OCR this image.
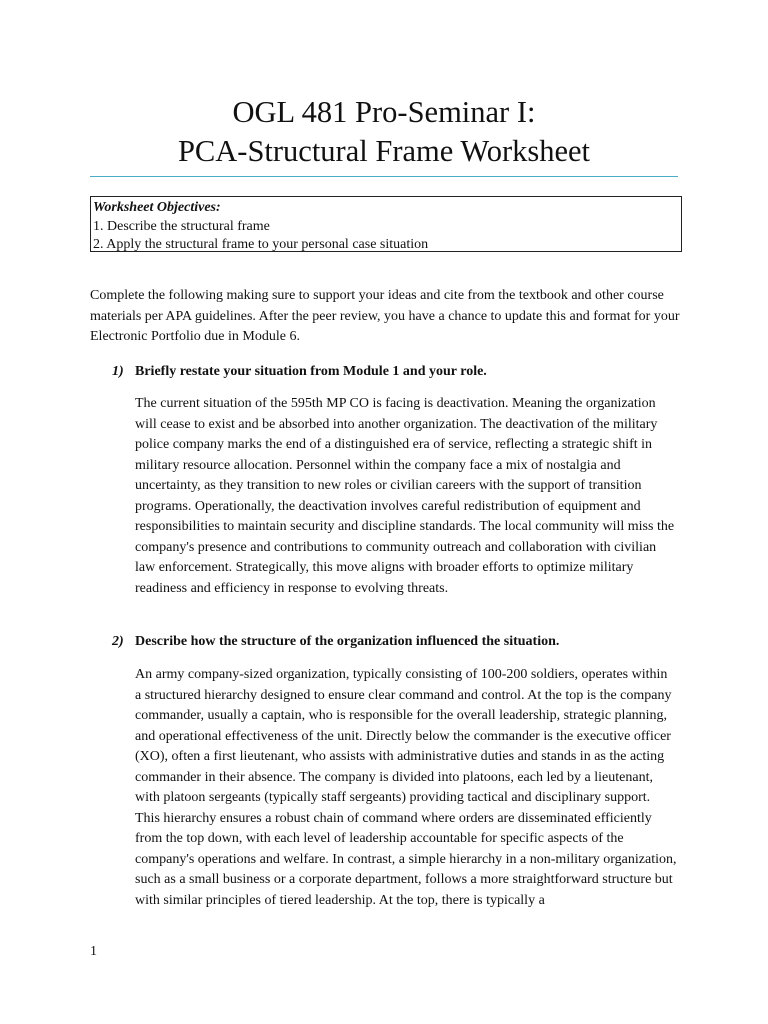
OGL 481 Pro-Seminar I:
PCA-Structural Frame Worksheet
Worksheet Objectives:
1. Describe the structural frame
2. Apply the structural frame to your personal case situation
Complete the following making sure to support your ideas and cite from the textbook and other course materials per APA guidelines. After the peer review, you have a chance to update this and format for your Electronic Portfolio due in Module 6.
1) Briefly restate your situation from Module 1 and your role.

The current situation of the 595th MP CO is facing is deactivation. Meaning the organization will cease to exist and be absorbed into another organization. The deactivation of the military police company marks the end of a distinguished era of service, reflecting a strategic shift in military resource allocation. Personnel within the company face a mix of nostalgia and uncertainty, as they transition to new roles or civilian careers with the support of transition programs. Operationally, the deactivation involves careful redistribution of equipment and responsibilities to maintain security and discipline standards. The local community will miss the company's presence and contributions to community outreach and collaboration with civilian law enforcement. Strategically, this move aligns with broader efforts to optimize military readiness and efficiency in response to evolving threats.

2) Describe how the structure of the organization influenced the situation.

An army company-sized organization, typically consisting of 100-200 soldiers, operates within a structured hierarchy designed to ensure clear command and control. At the top is the company commander, usually a captain, who is responsible for the overall leadership, strategic planning, and operational effectiveness of the unit. Directly below the commander is the executive officer (XO), often a first lieutenant, who assists with administrative duties and stands in as the acting commander in their absence. The company is divided into platoons, each led by a lieutenant, with platoon sergeants (typically staff sergeants) providing tactical and disciplinary support. This hierarchy ensures a robust chain of command where orders are disseminated efficiently from the top down, with each level of leadership accountable for specific aspects of the company's operations and welfare. In contrast, a simple hierarchy in a non-military organization, such as a small business or a corporate department, follows a more straightforward structure but with similar principles of tiered leadership. At the top, there is typically a

1
